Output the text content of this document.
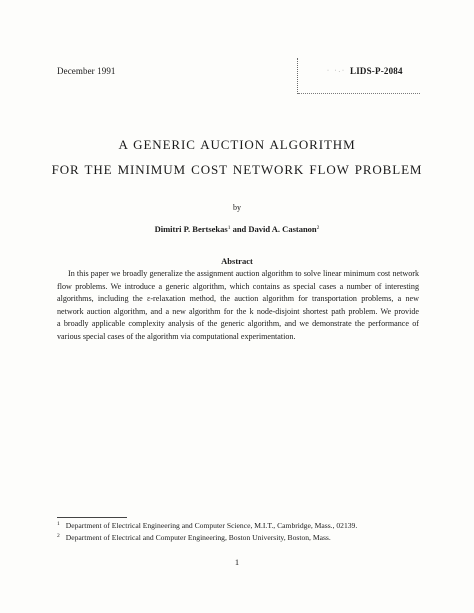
December 1991	· ·.· LIDS-P-2084
A GENERIC AUCTION ALGORITHM
FOR THE MINIMUM COST NETWORK FLOW PROBLEM
by
Dimitri P. Bertsekas$^1$ and David A. Castanon$^2$
Abstract
In this paper we broadly generalize the assignment auction algorithm to solve linear minimum cost network
flow problems. We introduce a generic algorithm, which contains as special cases a number of interesting
algorithms, including the ε-relaxation method, the auction algorithm for transportation problems, a new
network auction algorithm, and a new algorithm for the k node-disjoint shortest path problem. We provide
a broadly applicable complexity analysis of the generic algorithm, and we demonstrate the performance of
various special cases of the algorithm via computational experimentation.
$^1$ Department of Electrical Engineering and Computer Science, M.I.T., Cambridge, Mass., 02139.
$^2$ Department of Electrical and Computer Engineering, Boston University, Boston, Mass.
1
